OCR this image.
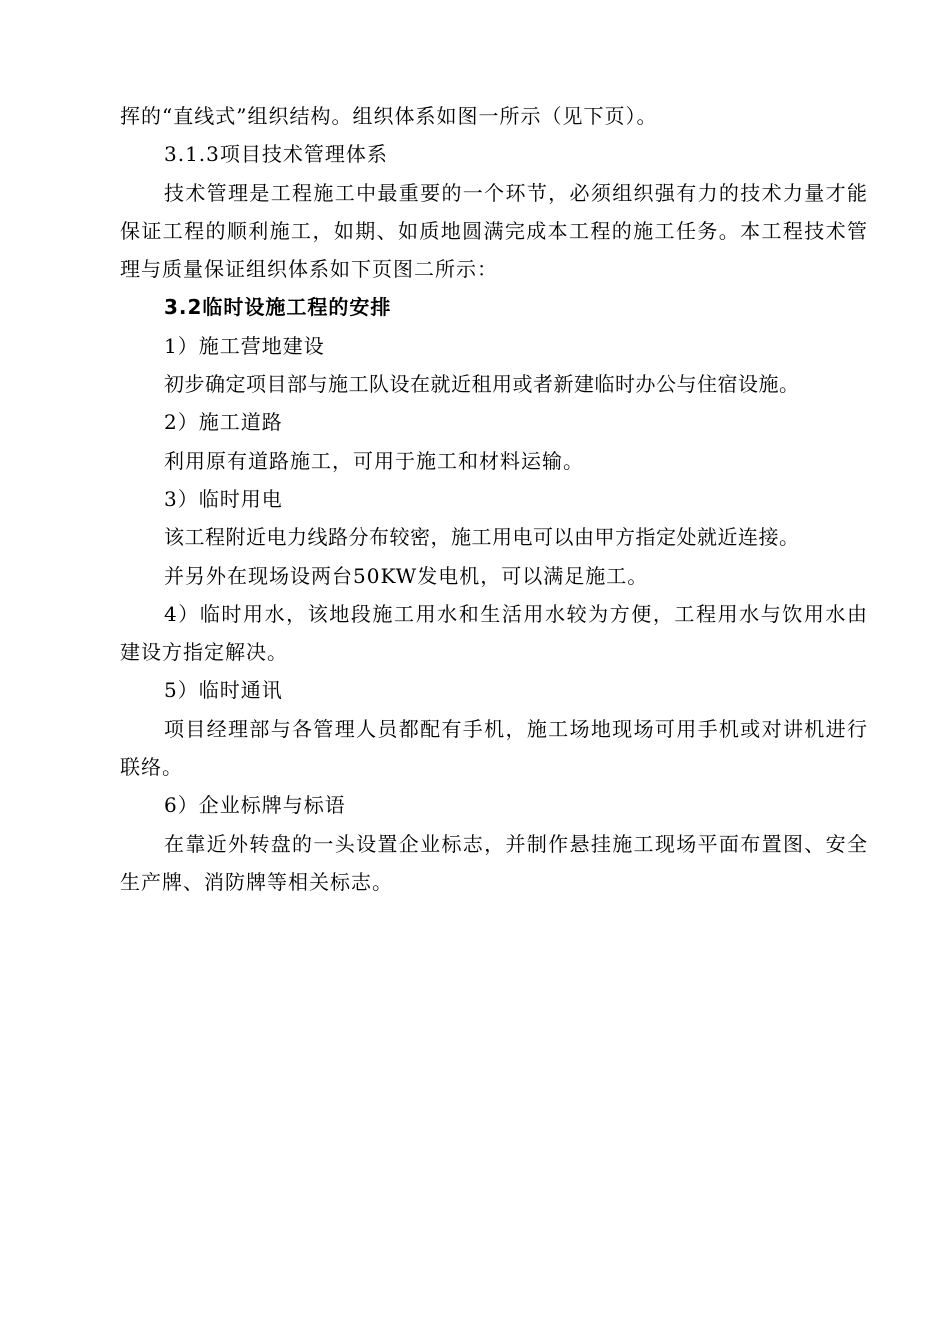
挥的“直线式”组织结构。组织体系如图一所示（见下页）。
3.1.3项目技术管理体系
技术管理是工程施工中最重要的一个环节，必须组织强有力的技术力量才能保证工程的顺利施工，如期、如质地圆满完成本工程的施工任务。本工程技术管理与质量保证组织体系如下页图二所示：
3.2临时设施工程的安排
1）施工营地建设
初步确定项目部与施工队设在就近租用或者新建临时办公与住宿设施。
2）施工道路
利用原有道路施工，可用于施工和材料运输。
3）临时用电
该工程附近电力线路分布较密，施工用电可以由甲方指定处就近连接。
并另外在现场设两台50KW发电机，可以满足施工。
4）临时用水，该地段施工用水和生活用水较为方便，工程用水与饮用水由建设方指定解决。
5）临时通讯
项目经理部与各管理人员都配有手机，施工场地现场可用手机或对讲机进行联络。
6）企业标牌与标语
在靠近外转盘的一头设置企业标志，并制作悬挂施工现场平面布置图、安全生产牌、消防牌等相关标志。
